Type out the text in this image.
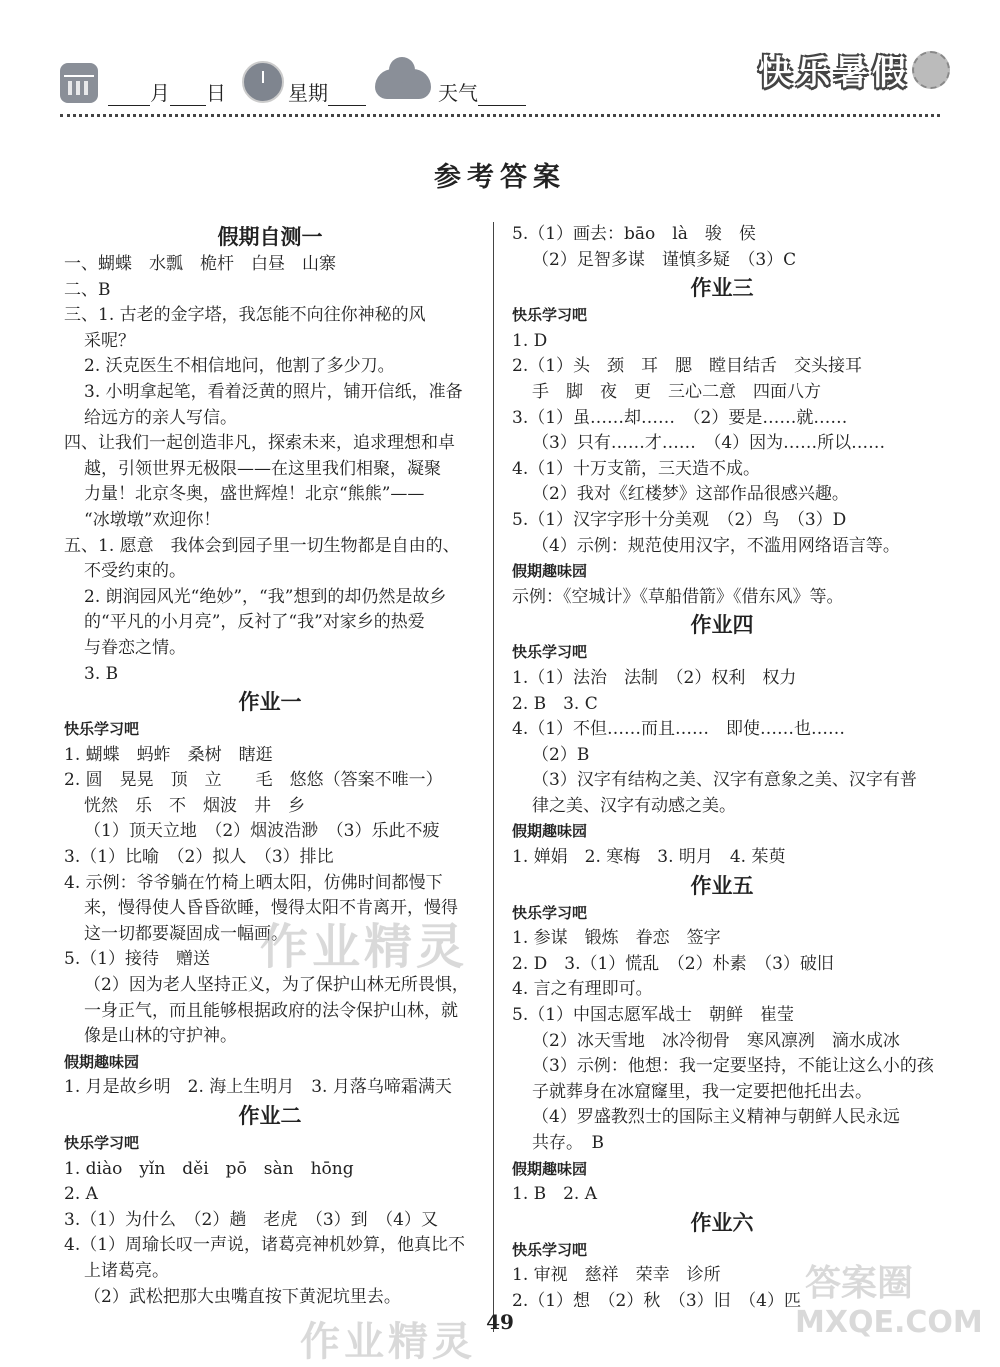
月 日	星期	天气	快乐暑假
参考答案
假期自测一
一、蝴蝶　水瓢　桅杆　白昼　山寨
二、B
三、1. 古老的金字塔，我怎能不向往你神秘的风
采呢？
2. 沃克医生不相信地问，他割了多少刀。
3. 小明拿起笔，看着泛黄的照片，铺开信纸，准备
给远方的亲人写信。
四、让我们一起创造非凡，探索未来，追求理想和卓
越，引领世界无极限——在这里我们相聚，凝聚
力量！北京冬奥，盛世辉煌！北京“熊熊”——
“冰墩墩”欢迎你！
五、1. 愿意　我体会到园子里一切生物都是自由的、
不受约束的。
2. 朗润园风光“绝妙”，“我”想到的却仍然是故乡
的“平凡的小月亮”，反衬了“我”对家乡的热爱
与眷恋之情。
3. B
作业一
快乐学习吧
1. 蝴蝶　蚂蚱　桑树　瞎逛
2. 圆　晃晃　顶　立　　毛　悠悠（答案不唯一）
恍然　乐　不　烟波　井　乡
（1）顶天立地　（2）烟波浩渺　（3）乐此不疲
3.（1）比喻　（2）拟人　（3）排比
4. 示例：爷爷躺在竹椅上晒太阳，仿佛时间都慢下
来，慢得使人昏昏欲睡，慢得太阳不肯离开，慢得
这一切都要凝固成一幅画。
5.（1）接待　赠送
（2）因为老人坚持正义，为了保护山林无所畏惧，
一身正气，而且能够根据政府的法令保护山林，就
像是山林的守护神。
假期趣味园
1. 月是故乡明　2. 海上生明月　3. 月落乌啼霜满天
作业二
快乐学习吧
1. diào　yǐn　děi　pō　sàn　hōng
2. A
3.（1）为什么　（2）趟　老虎　（3）到　（4）又
4.（1）周瑜长叹一声说，诸葛亮神机妙算，他真比不
上诸葛亮。
（2）武松把那大虫嘴直按下黄泥坑里去。
5.（1）画去：bāo　là　骏　侯
（2）足智多谋　谨慎多疑　（3）C
作业三
快乐学习吧
1. D
2.（1）头　颈　耳　腮　瞠目结舌　交头接耳
手　脚　夜　更　三心二意　四面八方
3.（1）虽……却……　（2）要是……就……
（3）只有……才……　（4）因为……所以……
4.（1）十万支箭，三天造不成。
（2）我对《红楼梦》这部作品很感兴趣。
5.（1）汉字字形十分美观　（2）鸟　（3）D
（4）示例：规范使用汉字，不滥用网络语言等。
假期趣味园
示例：《空城计》《草船借箭》《借东风》等。
作业四
快乐学习吧
1.（1）法治　法制　（2）权利　权力
2. B　3. C
4.（1）不但……而且……　即使……也……
（2）B
（3）汉字有结构之美、汉字有意象之美、汉字有普
律之美、汉字有动感之美。
假期趣味园
1. 婵娟　2. 寒梅　3. 明月　4. 茱萸
作业五
快乐学习吧
1. 参谋　锻炼　眷恋　签字
2. D　3.（1）慌乱　（2）朴素　（3）破旧
4. 言之有理即可。
5.（1）中国志愿军战士　朝鲜　崔莹
（2）冰天雪地　冰冷彻骨　寒风凛冽　滴水成冰
（3）示例：他想：我一定要坚持，不能让这么小的孩
子就葬身在冰窟窿里，我一定要把他托出去。
（4）罗盛教烈士的国际主义精神与朝鲜人民永远
共存。　B
假期趣味园
1. B　2. A
作业六
快乐学习吧
1. 审视　慈祥　荣幸　诊所
2.（1）想　（2）秋　（3）旧　（4）匹
作业精灵
作业精灵
答案圈
MXQE.COM
49
